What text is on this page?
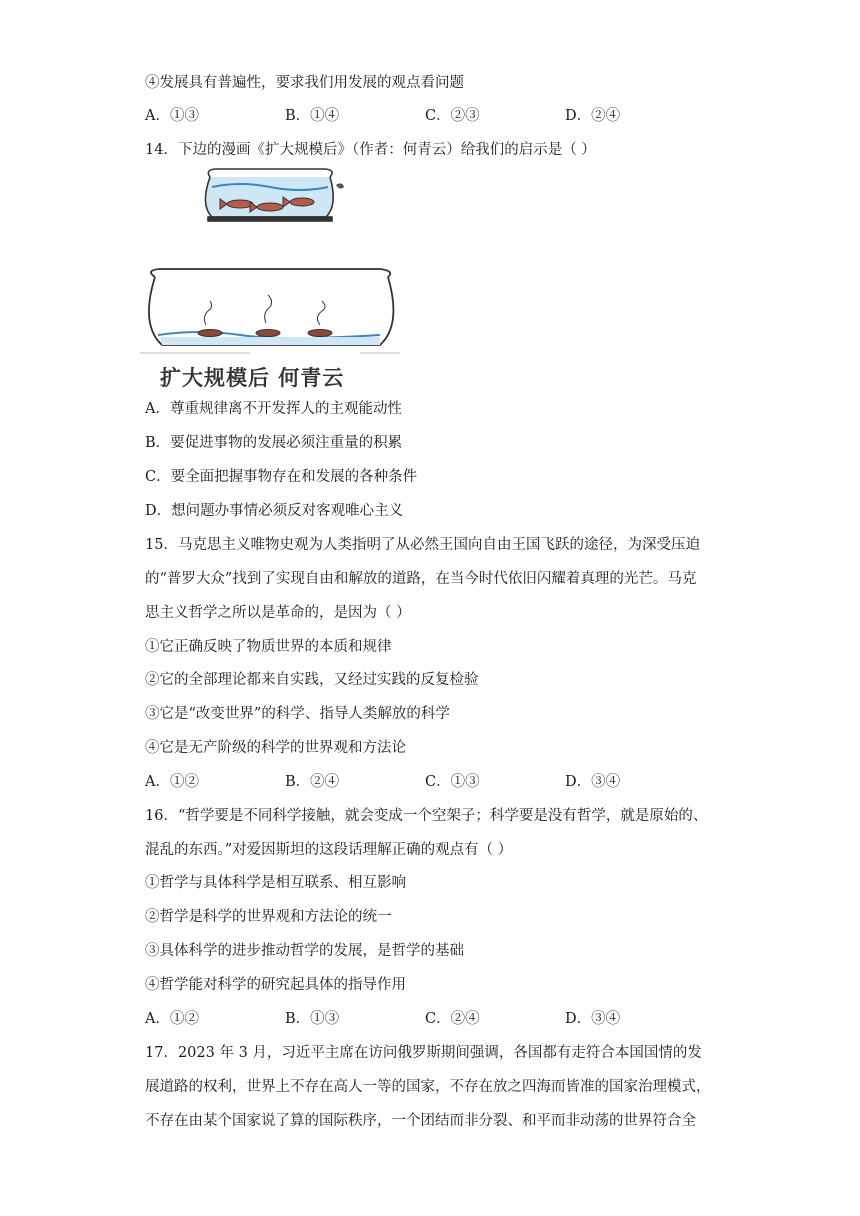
④发展具有普遍性，要求我们用发展的观点看问题
A．①③	B．①④	C．②③	D．②④
14．下边的漫画《扩大规模后》（作者：何青云）给我们的启示是（ ）
扩大规模后 何青云
A．尊重规律离不开发挥人的主观能动性
B．要促进事物的发展必须注重量的积累
C．要全面把握事物存在和发展的各种条件
D．想问题办事情必须反对客观唯心主义
15．马克思主义唯物史观为人类指明了从必然王国向自由王国飞跃的途径，为深受压迫
的“普罗大众”找到了实现自由和解放的道路，在当今时代依旧闪耀着真理的光芒。马克
思主义哲学之所以是革命的，是因为（ ）
①它正确反映了物质世界的本质和规律
②它的全部理论都来自实践，又经过实践的反复检验
③它是“改变世界”的科学、指导人类解放的科学
④它是无产阶级的科学的世界观和方法论
A．①②	B．②④	C．①③	D．③④
16．“哲学要是不同科学接触，就会变成一个空架子；科学要是没有哲学，就是原始的、
混乱的东西。”对爱因斯坦的这段话理解正确的观点有（ ）
①哲学与具体科学是相互联系、相互影响
②哲学是科学的世界观和方法论的统一
③具体科学的进步推动哲学的发展，是哲学的基础
④哲学能对科学的研究起具体的指导作用
A．①②	B．①③	C．②④	D．③④
17．2023 年 3 月，习近平主席在访问俄罗斯期间强调，各国都有走符合本国国情的发
展道路的权利，世界上不存在高人一等的国家，不存在放之四海而皆准的国家治理模式，
不存在由某个国家说了算的国际秩序，一个团结而非分裂、和平而非动荡的世界符合全
